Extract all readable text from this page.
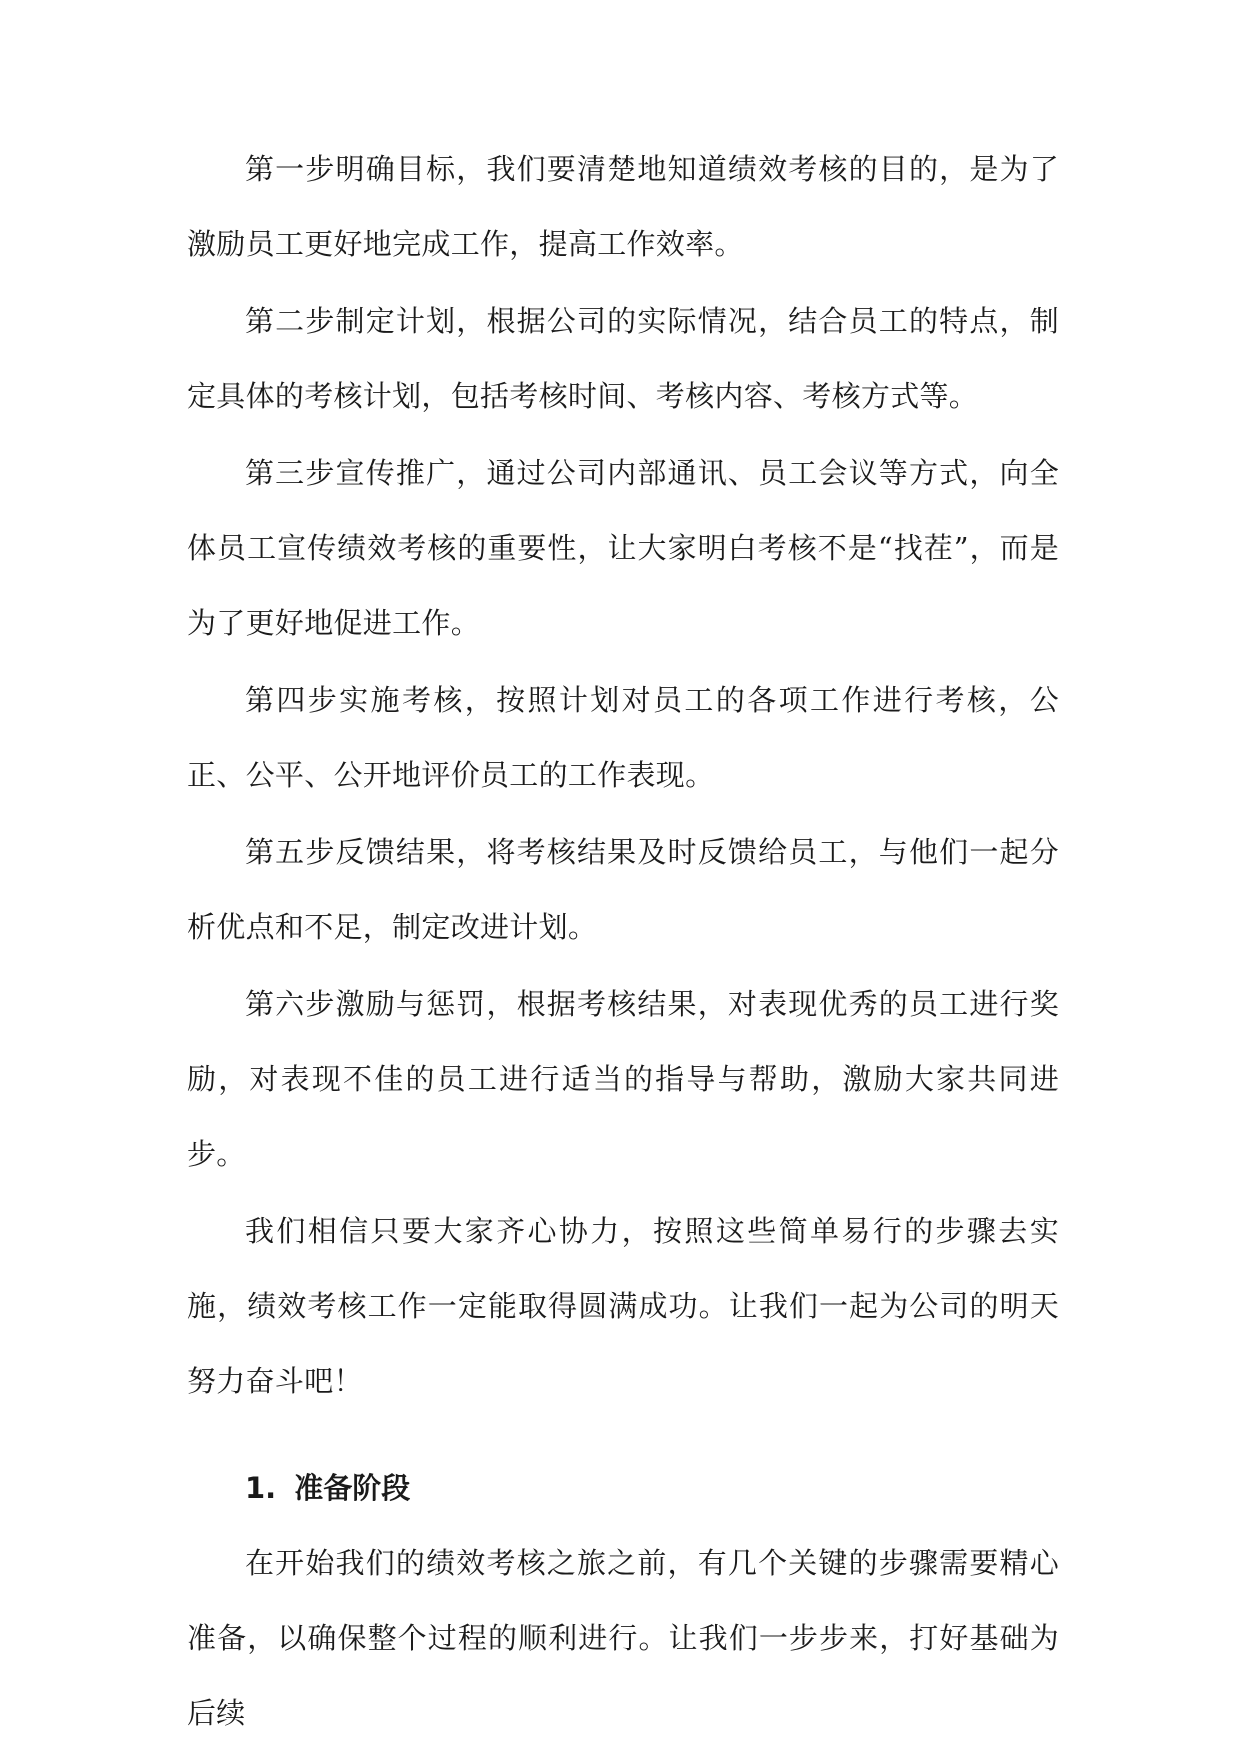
第一步明确目标，我们要清楚地知道绩效考核的目的，是为了激励员工更好地完成工作，提高工作效率。

第二步制定计划，根据公司的实际情况，结合员工的特点，制定具体的考核计划，包括考核时间、考核内容、考核方式等。

第三步宣传推广，通过公司内部通讯、员工会议等方式，向全体员工宣传绩效考核的重要性，让大家明白考核不是“找茬”，而是为了更好地促进工作。

第四步实施考核，按照计划对员工的各项工作进行考核，公正、公平、公开地评价员工的工作表现。

第五步反馈结果，将考核结果及时反馈给员工，与他们一起分析优点和不足，制定改进计划。

第六步激励与惩罚，根据考核结果，对表现优秀的员工进行奖励，对表现不佳的员工进行适当的指导与帮助，激励大家共同进步。

我们相信只要大家齐心协力，按照这些简单易行的步骤去实施，绩效考核工作一定能取得圆满成功。让我们一起为公司的明天努力奋斗吧！

1. 准备阶段

在开始我们的绩效考核之旅之前，有几个关键的步骤需要精心准备，以确保整个过程的顺利进行。让我们一步步来，打好基础为后续
